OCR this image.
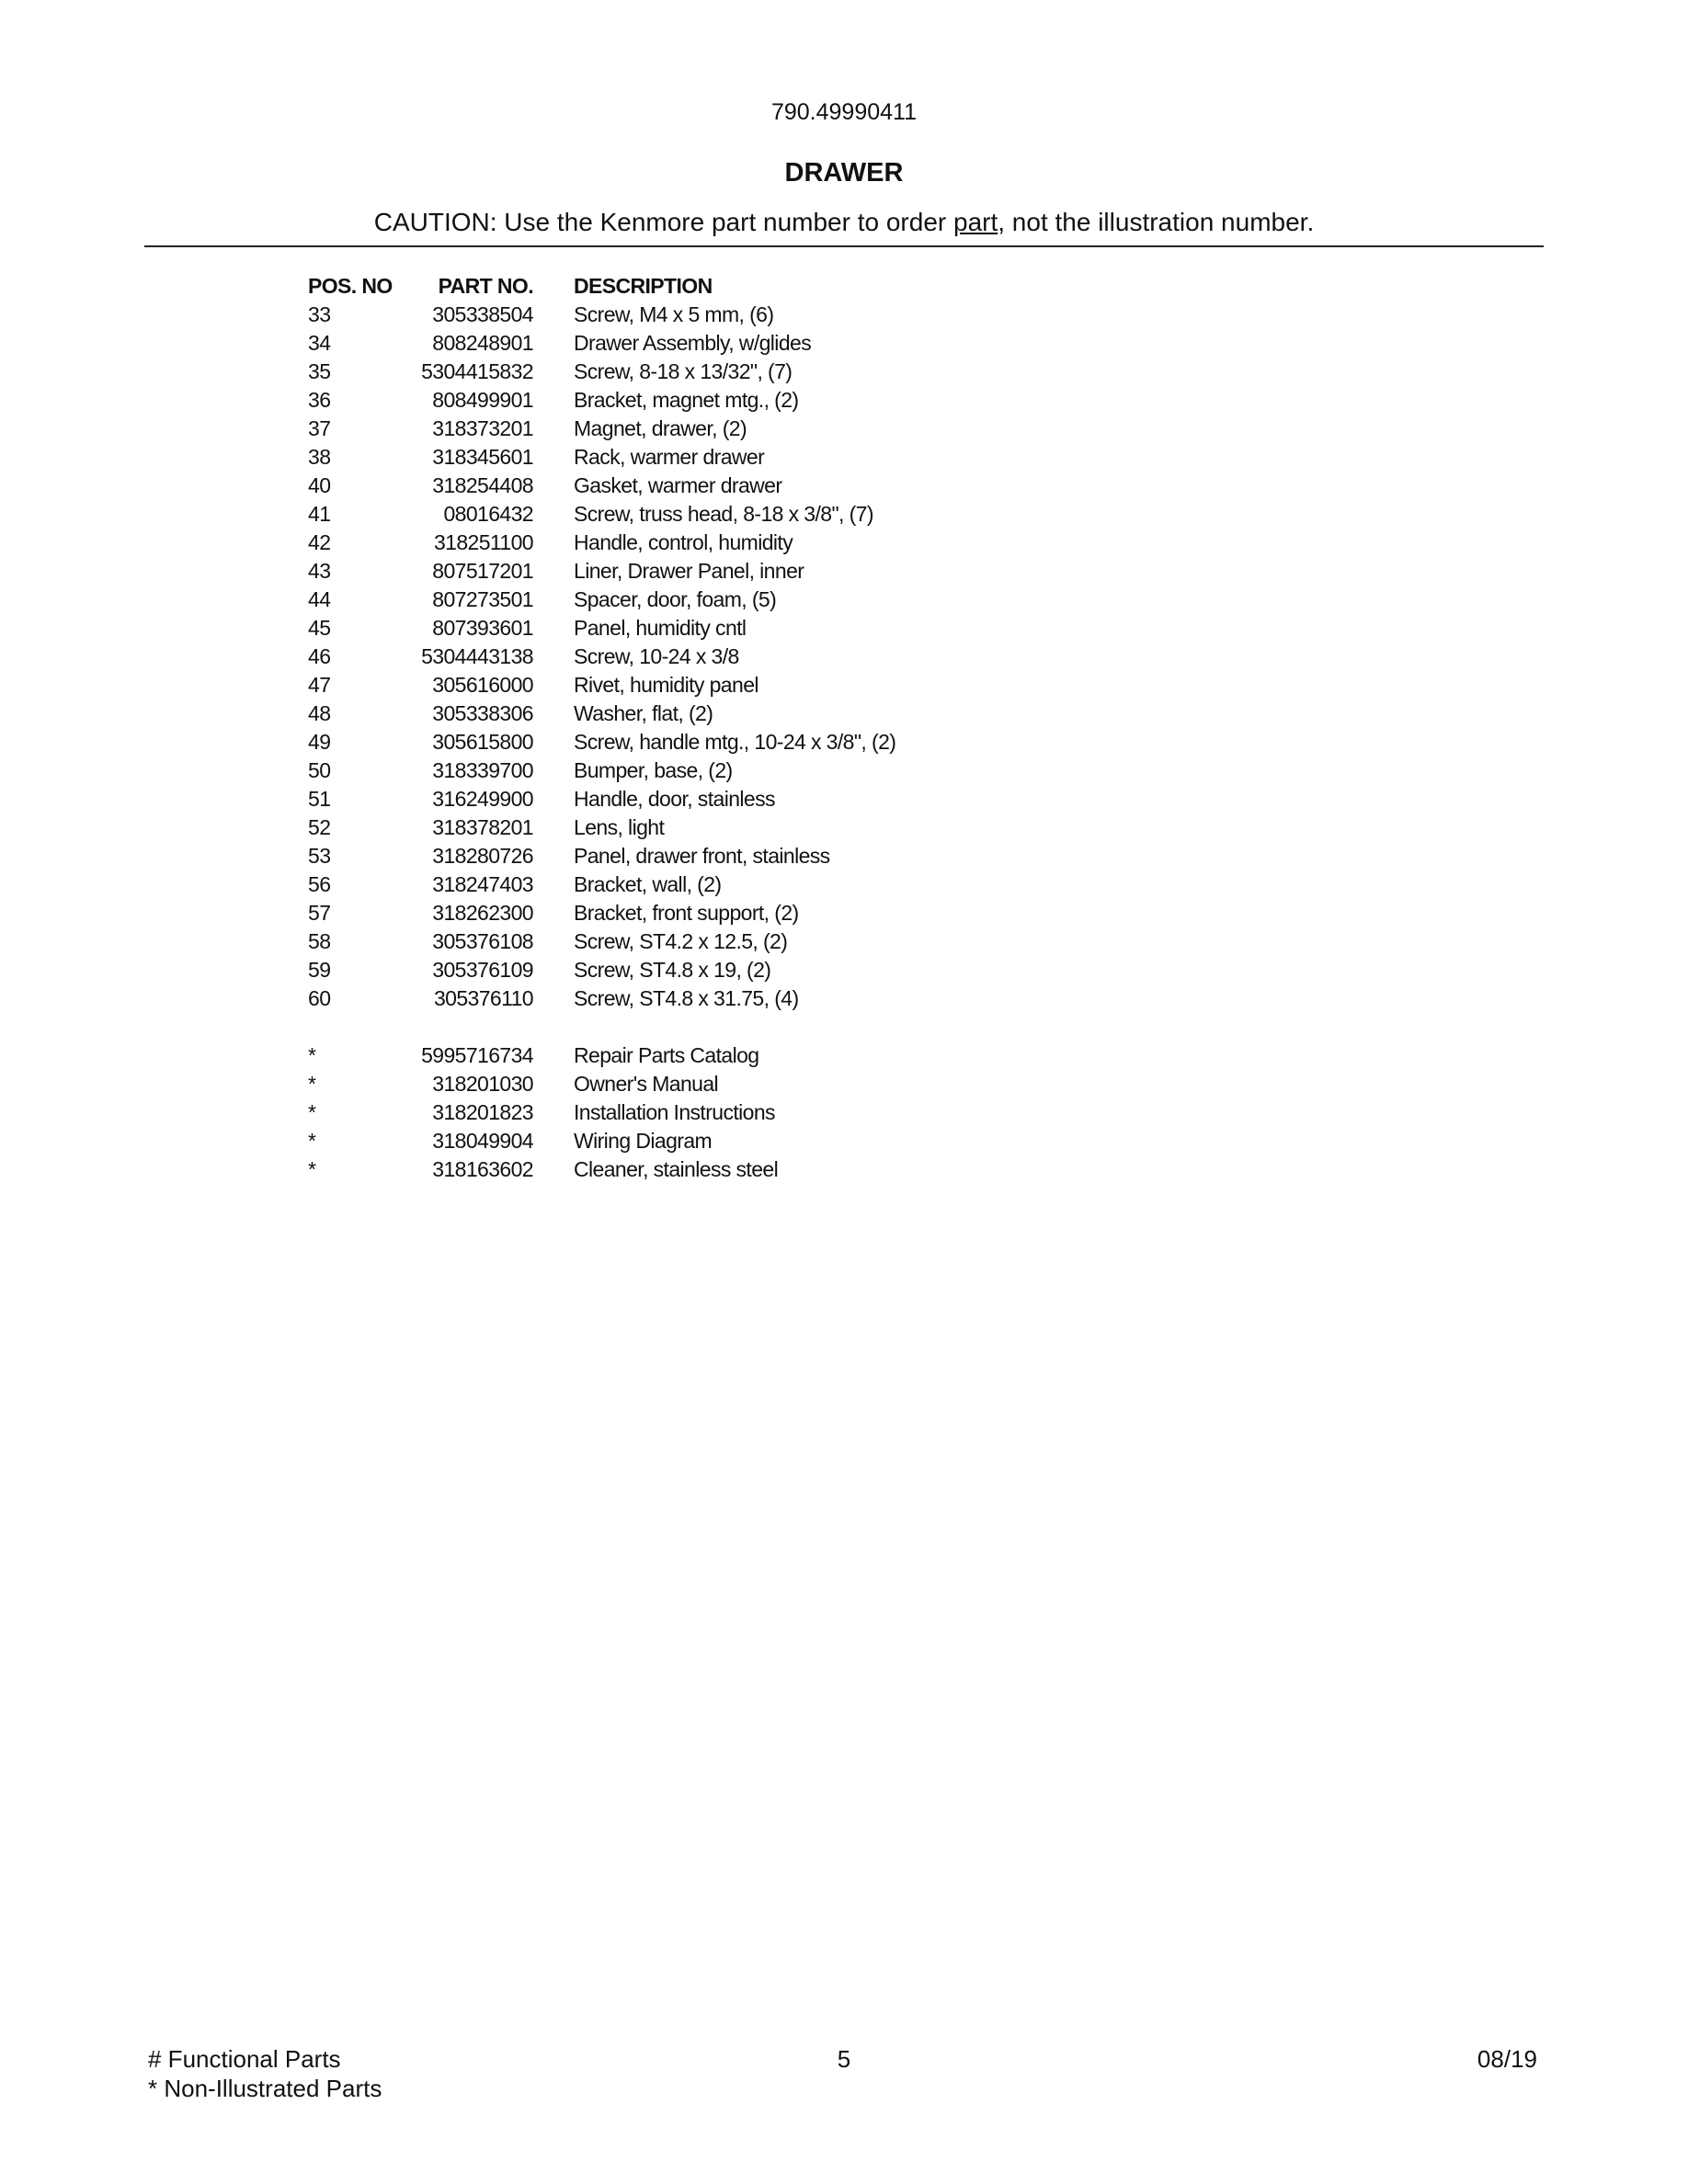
790.49990411
DRAWER
CAUTION: Use the Kenmore part number to order part, not the illustration number.
POS. NO	PART NO.	DESCRIPTION
33	305338504	Screw, M4 x 5 mm, (6)
34	808248901	Drawer Assembly, w/glides
35	5304415832	Screw, 8-18 x 13/32", (7)
36	808499901	Bracket, magnet mtg., (2)
37	318373201	Magnet, drawer, (2)
38	318345601	Rack, warmer drawer
40	318254408	Gasket, warmer drawer
41	08016432	Screw, truss head, 8-18 x 3/8", (7)
42	318251100	Handle, control, humidity
43	807517201	Liner, Drawer Panel, inner
44	807273501	Spacer, door, foam, (5)
45	807393601	Panel, humidity cntl
46	5304443138	Screw, 10-24 x 3/8
47	305616000	Rivet, humidity panel
48	305338306	Washer, flat, (2)
49	305615800	Screw, handle mtg., 10-24 x 3/8", (2)
50	318339700	Bumper, base, (2)
51	316249900	Handle, door, stainless
52	318378201	Lens, light
53	318280726	Panel, drawer front, stainless
56	318247403	Bracket, wall, (2)
57	318262300	Bracket, front support, (2)
58	305376108	Screw, ST4.2 x 12.5, (2)
59	305376109	Screw, ST4.8 x 19, (2)
60	305376110	Screw, ST4.8 x 31.75, (4)

*	5995716734	Repair Parts Catalog
*	318201030	Owner's Manual
*	318201823	Installation Instructions
*	318049904	Wiring Diagram
*	318163602	Cleaner, stainless steel
# Functional Parts
* Non-Illustrated Parts
5	08/19
